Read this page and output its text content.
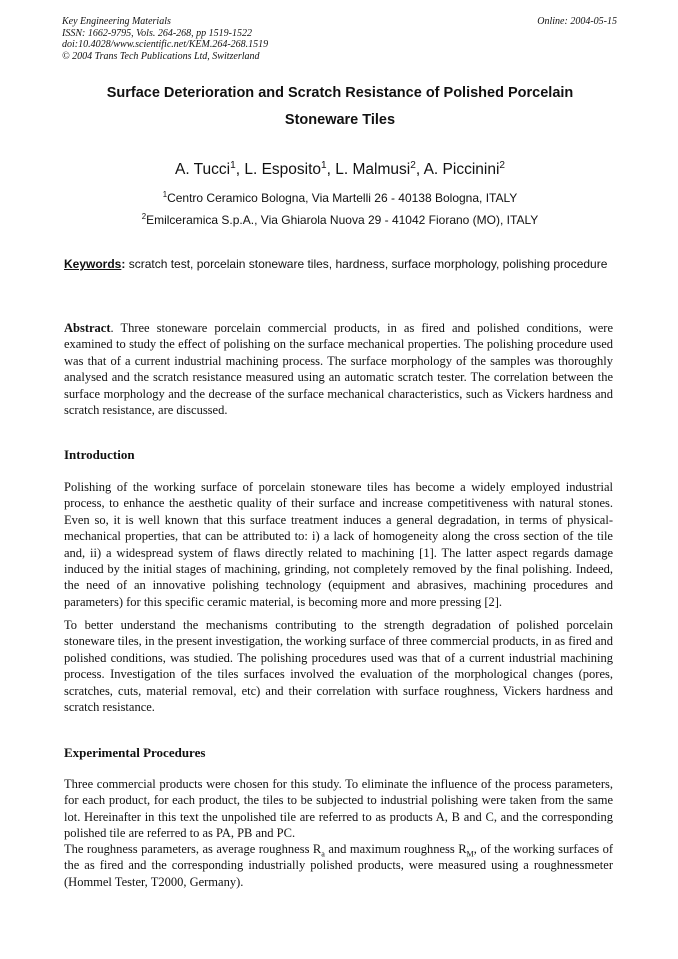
Key Engineering Materials
ISSN: 1662-9795, Vols. 264-268, pp 1519-1522
doi:10.4028/www.scientific.net/KEM.264-268.1519
© 2004 Trans Tech Publications Ltd, Switzerland
Online: 2004-05-15
Surface Deterioration and Scratch Resistance of Polished Porcelain
Stoneware Tiles
A. Tucci$^1$, L. Esposito$^1$, L. Malmusi$^2$, A. Piccinini$^2$
$^1$Centro Ceramico Bologna, Via Martelli 26 - 40138 Bologna, ITALY
$^2$Emilceramica S.p.A., Via Ghiarola Nuova 29 - 41042 Fiorano (MO), ITALY
Keywords: scratch test, porcelain stoneware tiles, hardness, surface morphology, polishing procedure
Abstract. Three stoneware porcelain commercial products, in as fired and polished conditions, were examined to study the effect of polishing on the surface mechanical properties. The polishing procedure used was that of a current industrial machining process. The surface morphology of the samples was thoroughly analysed and the scratch resistance measured using an automatic scratch tester. The correlation between the surface morphology and the decrease of the surface mechanical characteristics, such as Vickers hardness and scratch resistance, are discussed.
Introduction
Polishing of the working surface of porcelain stoneware tiles has become a widely employed industrial process, to enhance the aesthetic quality of their surface and increase competitiveness with natural stones. Even so, it is well known that this surface treatment induces a general degradation, in terms of physical-mechanical properties, that can be attributed to: i) a lack of homogeneity along the cross section of the tile and, ii) a widespread system of flaws directly related to machining [1]. The latter aspect regards damage induced by the initial stages of machining, grinding, not completely removed by the final polishing. Indeed, the need of an innovative polishing technology (equipment and abrasives, machining procedures and parameters) for this specific ceramic material, is becoming more and more pressing [2].
To better understand the mechanisms contributing to the strength degradation of polished porcelain stoneware tiles, in the present investigation, the working surface of three commercial products, in as fired and polished conditions, was studied. The polishing procedures used was that of a current industrial machining process. Investigation of the tiles surfaces involved the evaluation of the morphological changes (pores, scratches, cuts, material removal, etc) and their correlation with surface roughness, Vickers hardness and scratch resistance.
Experimental Procedures
Three commercial products were chosen for this study. To eliminate the influence of the process parameters, for each product, for each product, the tiles to be subjected to industrial polishing were taken from the same lot. Hereinafter in this text the unpolished tile are referred to as products A, B and C, and the corresponding polished tile are referred to as PA, PB and PC.
The roughness parameters, as average roughness $R_a$ and maximum roughness $R_M$, of the working surfaces of the as fired and the corresponding industrially polished products, were measured using a roughnessmeter (Hommel Tester, T2000, Germany).
